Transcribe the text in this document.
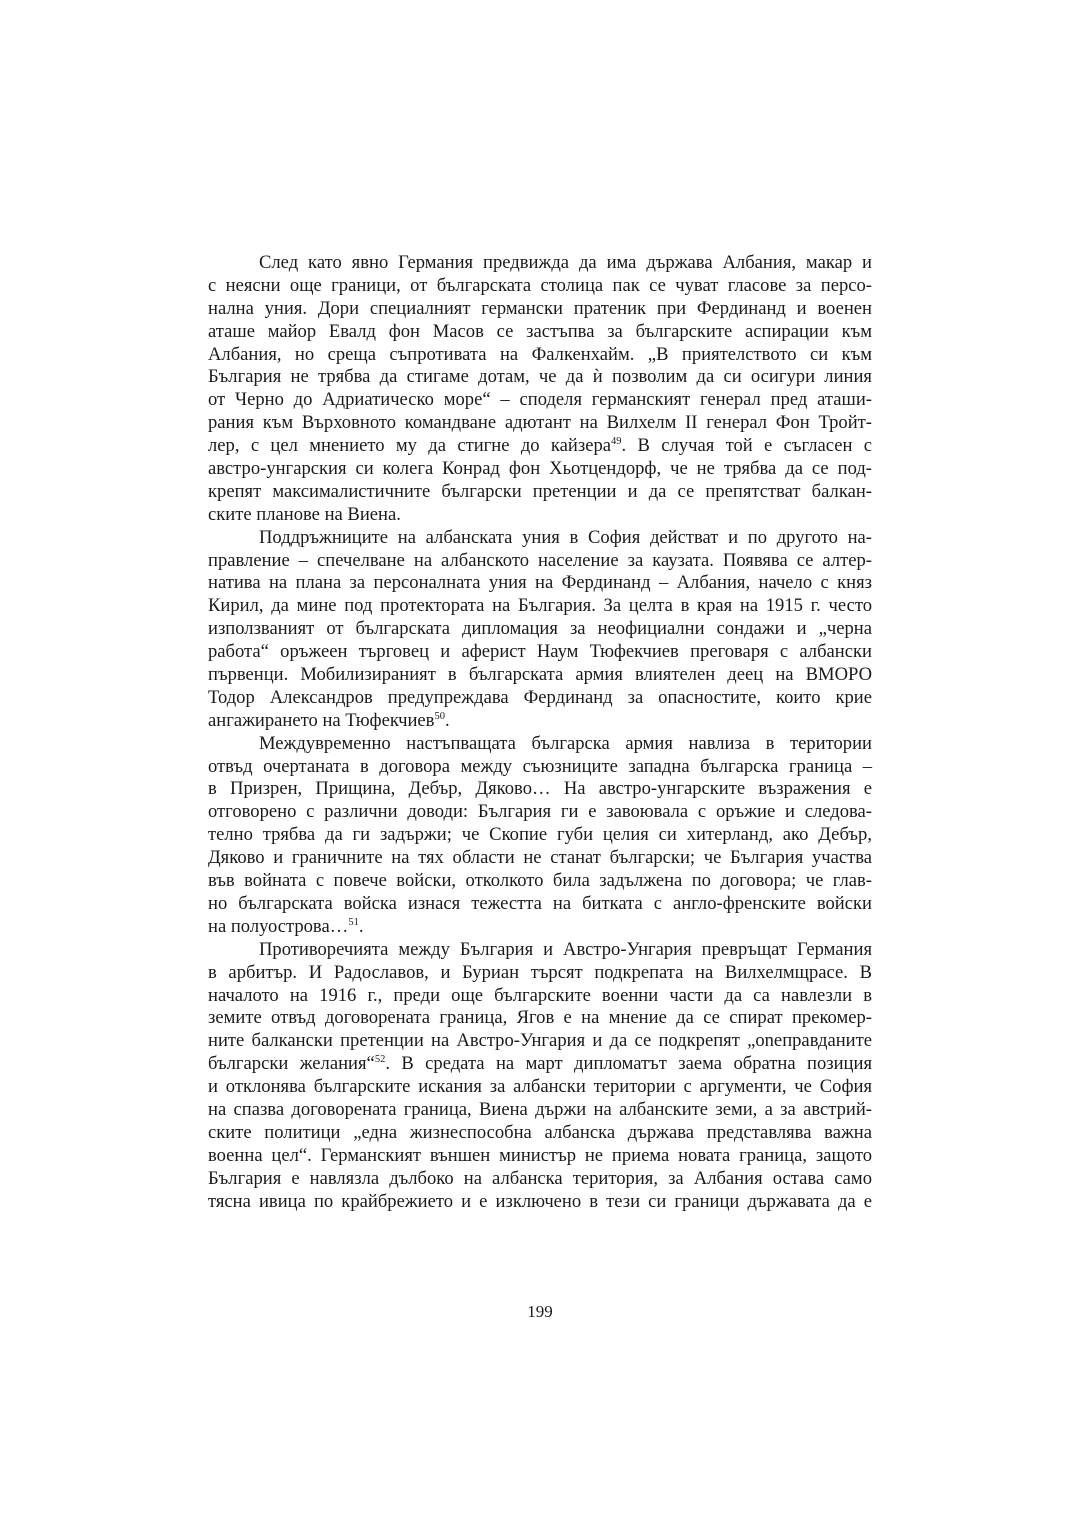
След като явно Германия предвижда да има държава Албания, макар и
с неясни още граници, от българската столица пак се чуват гласове за персо-
нална уния. Дори специалният германски пратеник при Фердинанд и военен
аташе майор Евалд фон Масов се застъпва за българските аспирации към
Албания, но среща съпротивата на Фалкенхайм. „В приятелството си към
България не трябва да стигаме дотам, че да ѝ позволим да си осигури линия
от Черно до Адриатическо море“ – споделя германският генерал пред аташи-
рания към Върховното командване адютант на Вилхелм II генерал Фон Тройт-
лер, с цел мнението му да стигне до кайзера$^{49}$. В случая той е съгласен с
австро-унгарския си колега Конрад фон Хьотцендорф, че не трябва да се под-
крепят максималистичните български претенции и да се препятстват балкан-
ските планове на Виена.
Поддръжниците на албанската уния в София действат и по другото на-
правление – спечелване на албанското население за каузата. Появява се алтер-
натива на плана за персоналната уния на Фердинанд – Албания, начело с княз
Кирил, да мине под протектората на България. За целта в края на 1915 г. често
използваният от българската дипломация за неофициални сондажи и „черна
работа“ оръжеен търговец и аферист Наум Тюфекчиев преговаря с албански
първенци. Мобилизираният в българската армия влиятелен деец на ВМОРО
Тодор Александров предупреждава Фердинанд за опасностите, които крие
ангажирането на Тюфекчиев$^{50}$.
Междувременно настъпващата българска армия навлиза в територии
отвъд очертаната в договора между съюзниците западна българска граница –
в Призрен, Прищина, Дебър, Дяково… На австро-унгарските възражения е
отговорено с различни доводи: България ги е завоювала с оръжие и следова-
телно трябва да ги задържи; че Скопие губи целия си хитерланд, ако Дебър,
Дяково и граничните на тях области не станат български; че България участва
във войната с повече войски, отколкото била задължена по договора; че глав-
но българската войска изнася тежестта на битката с англо-френските войски
на полуострова…$^{51}$.
Противоречията между България и Австро-Унгария превръщат Германия
в арбитър. И Радославов, и Буриан търсят подкрепата на Вилхелмщрасе. В
началото на 1916 г., преди още българските военни части да са навлезли в
земите отвъд договорената граница, Ягов е на мнение да се спират прекомер-
ните балкански претенции на Австро-Унгария и да се подкрепят „оneправданите
български желания“$^{52}$. В средата на март дипломатът заема обратна позиция
и отклонява българските искания за албански територии с аргументи, че София
на спазва договорената граница, Виена държи на албанските земи, а за австрий-
ските политици „една жизнеспособна албанска държава представлява важна
военна цел“. Германският външен министър не приема новата граница, защото
България е навлязла дълбоко на албанска територия, за Албания остава само
тясна ивица по крайбрежието и е изключено в тези си граници държавата да е
199
